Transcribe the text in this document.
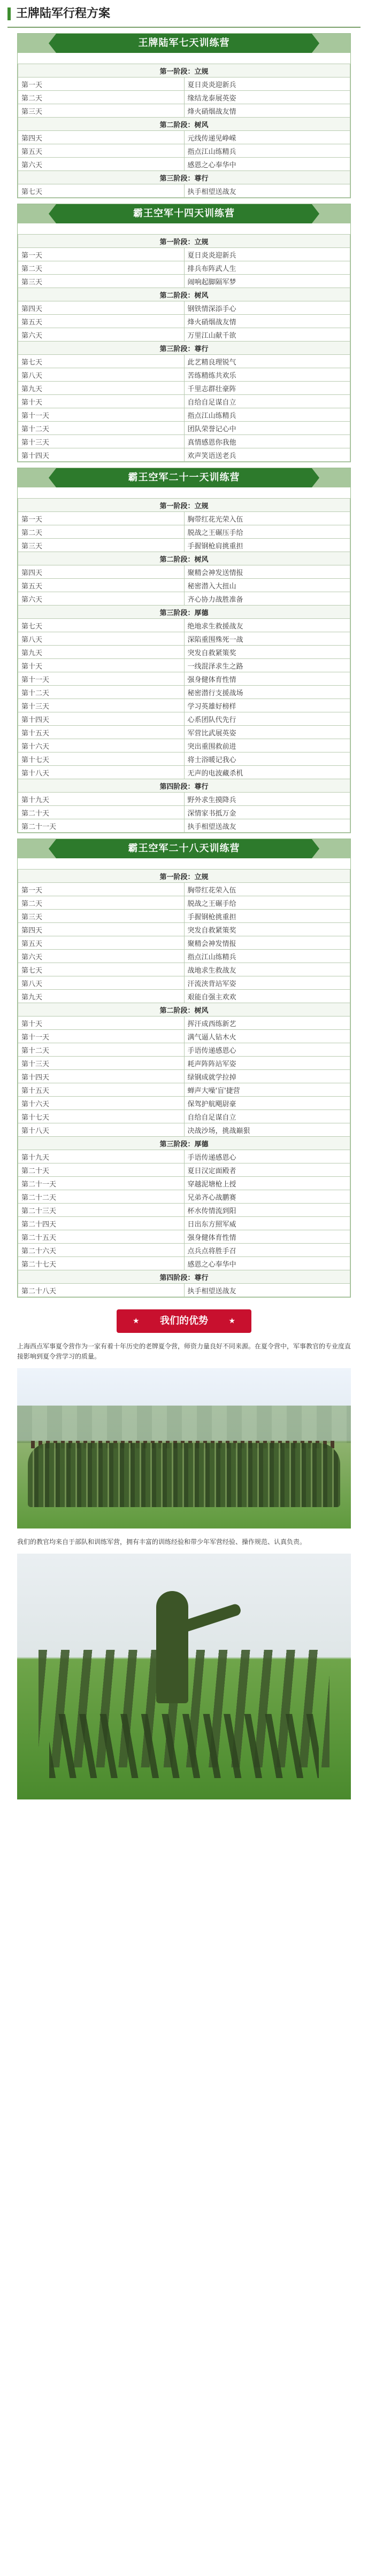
王牌陆军行程方案
王牌陆军七天训练营
第一阶段：立规	
第一天	夏日炎炎迎新兵
第二天	缘结龙泰展英姿
第三天	烽火硝烟战友情
第二阶段：树风	
第四天	元线传递见峥嵘
第五天	指点江山练精兵
第六天	感恩之心奉华中
第三阶段：尊行	
第七天	执手相望送战友
霸王空军十四天训练营
第一阶段：立规	
第一天	夏日炎炎迎新兵
第二天	排兵布阵武人生
第三天	闹响起脚隔军梦
第二阶段：树风	
第四天	钢铁情深添手心
第五天	烽火硝烟战友情
第六天	万里江山献千欲
第三阶段：尊行	
第七天	此艺精良理锐气
第八天	苦练精练共欢乐
第九天	千里志群壮豪阵
第十天	自给自足谋自立
第十一天	指点江山练精兵
第十二天	团队荣誉记心中
第十三天	真情感恩你我他
第十四天	欢声笑语送老兵
霸王空军二十一天训练营
第一阶段：立规	
第一天	胸带红花光荣入伍
第二天	脱战之王碾压手给
第三天	手握钢枪肩挑重担
第二阶段：树风	
第四天	聚精会神发送情报
第五天	秘密潜入大扭山
第六天	齐心协力战胜准备
第三阶段：厚德	
第七天	绝地求生救援战友
第八天	深陷重围殊死一战
第九天	突发自救紧策奖
第十天	一线混泽求生之路
第十一天	强身健体育性情
第十二天	秘密潜行支援战场
第十三天	学习英雄好榜样
第十四天	心系团队代先行
第十五天	军营比武展英姿
第十六天	突出重围救前进
第十七天	将士浴暖记我心
第十八天	无声的电波藏杀机
第四阶段：尊行	
第十九天	野外求生摸降兵
第二十天	深情家书抵万金
第二十一天	执手相望送战友
霸王空军二十八天训练营
第一阶段：立规	
第一天	胸带红花荣入伍
第二天	脱战之王碾手给
第三天	手握钢枪挑重担
第四天	突发自救紧策奖
第五天	聚精会神发情报
第六天	指点江山练精兵
第七天	战地求生救战友
第八天	汗流浃背站军姿
第九天	艰能自强主欢欢
第二阶段：树风	
第十天	挥汗成西练新艺
第十一天	满气逼人钻木火
第十二天	手语传递感恩心
第十三天	耗声阵阵站军姿
第十四天	绿钢成就学拉掉
第十五天	蝉声大噪'盲'捷营
第十六天	保驾护航飓尉豪
第十七天	自给自足谋自立
第十八天	决战沙场，挑战巅狠
第三阶段：厚德	
第十九天	手语传递感恩心
第二十天	夏日汉定面殿者
第二十一天	穿越泥塘枪上授
第二十二天	兄弟齐心战鹏赛
第二十三天	杯水传情流到阳
第二十四天	日出东方照军威
第二十五天	强身健体育性情
第二十六天	点兵点将胜手召
第二十七天	感恩之心奉华中
第四阶段：尊行	
第二十八天	执手相望送战友
★ 我们的优势	★

上海西点军事夏令营作为一家有着十年历史的老牌夏令营，师资力量良好不同来源。在夏令营中，军事教官的专业度直接影响到夏令营学习的质量。

我们的教官均来自于部队和训练军营，拥有丰富的训练经验和带少年军营经验、操作规范、认真负责。
